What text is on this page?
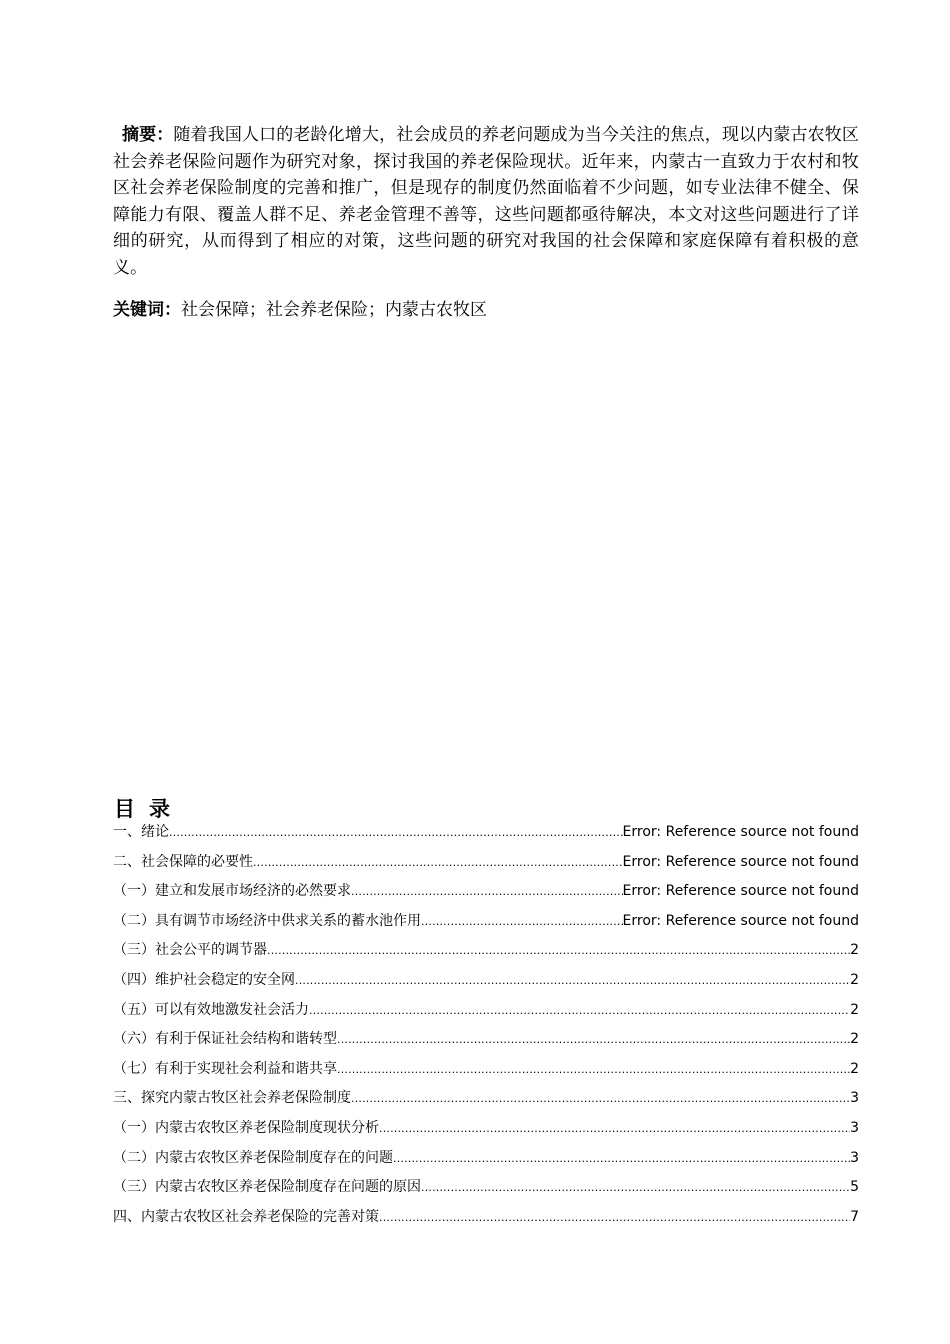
摘要：随着我国人口的老龄化增大，社会成员的养老问题成为当今关注的焦点，现以内蒙古农牧区社会养老保险问题作为研究对象，探讨我国的养老保险现状。近年来，内蒙古一直致力于农村和牧区社会养老保险制度的完善和推广，但是现存的制度仍然面临着不少问题，如专业法律不健全、保障能力有限、覆盖人群不足、养老金管理不善等，这些问题都亟待解决，本文对这些问题进行了详细的研究，从而得到了相应的对策，这些问题的研究对我国的社会保障和家庭保障有着积极的意义。
关键词：社会保障；社会养老保险；内蒙古农牧区
目录
一、绪论 .....	Error: Reference source not found
二、社会保障的必要性 .....	Error: Reference source not found
（一）建立和发展市场经济的必然要求 .....	Error: Reference source not found
（二）具有调节市场经济中供求关系的蓄水池作用 .....	Error: Reference source not found
（三）社会公平的调节器 .....	2
（四）维护社会稳定的安全网 .....	2
（五）可以有效地激发社会活力 .....	2
（六）有利于保证社会结构和谐转型 .....	2
（七）有利于实现社会利益和谐共享 .....	2
三、探究内蒙古牧区社会养老保险制度 .....	3
（一）内蒙古农牧区养老保险制度现状分析 .....	3
（二）内蒙古农牧区养老保险制度存在的问题 .....	3
（三）内蒙古农牧区养老保险制度存在问题的原因 .....	5
四、内蒙古农牧区社会养老保险的完善对策 .....	7
